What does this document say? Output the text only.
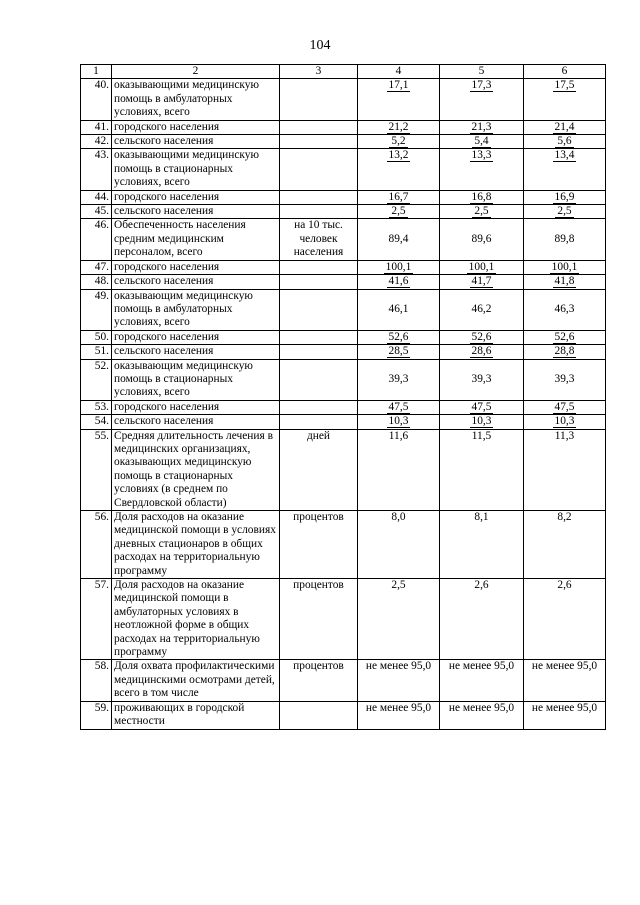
104
1	2	3	4	5	6
40.	оказывающими медицинскую помощь в амбулаторных условиях, всего		17,1	17,3	17,5
41.	городского населения		21,2	21,3	21,4
42.	сельского населения		5,2	5,4	5,6
43.	оказывающими медицинскую помощь в стационарных условиях, всего		13,2	13,3	13,4
44.	городского населения		16,7	16,8	16,9
45.	сельского населения		2,5	2,5	2,5
46.	Обеспеченность населения средним медицинским персоналом, всего	на 10 тыс. человек населения	89,4	89,6	89,8
47.	городского населения		100,1	100,1	100,1
48.	сельского населения		41,6	41,7	41,8
49.	оказывающим медицинскую помощь в амбулаторных условиях, всего		46,1	46,2	46,3
50.	городского населения		52,6	52,6	52,6
51.	сельского населения		28,5	28,6	28,8
52.	оказывающим медицинскую помощь в стационарных условиях, всего		39,3	39,3	39,3
53.	городского населения		47,5	47,5	47,5
54.	сельского населения		10,3	10,3	10,3
55.	Средняя длительность лечения в медицинских организациях, оказывающих медицинскую помощь в стационарных условиях (в среднем по Свердловской области)	дней	11,6	11,5	11,3
56.	Доля расходов на оказание медицинской помощи в условиях дневных стационаров в общих расходах на территориальную программу	процентов	8,0	8,1	8,2
57.	Доля расходов на оказание медицинской помощи в амбулаторных условиях в неотложной форме в общих расходах на территориальную программу	процентов	2,5	2,6	2,6
58.	Доля охвата профилактическими медицинскими осмотрами детей, всего в том числе	процентов	не менее 95,0	не менее 95,0	не менее 95,0
59.	проживающих в городской местности		не менее 95,0	не менее 95,0	не менее 95,0
